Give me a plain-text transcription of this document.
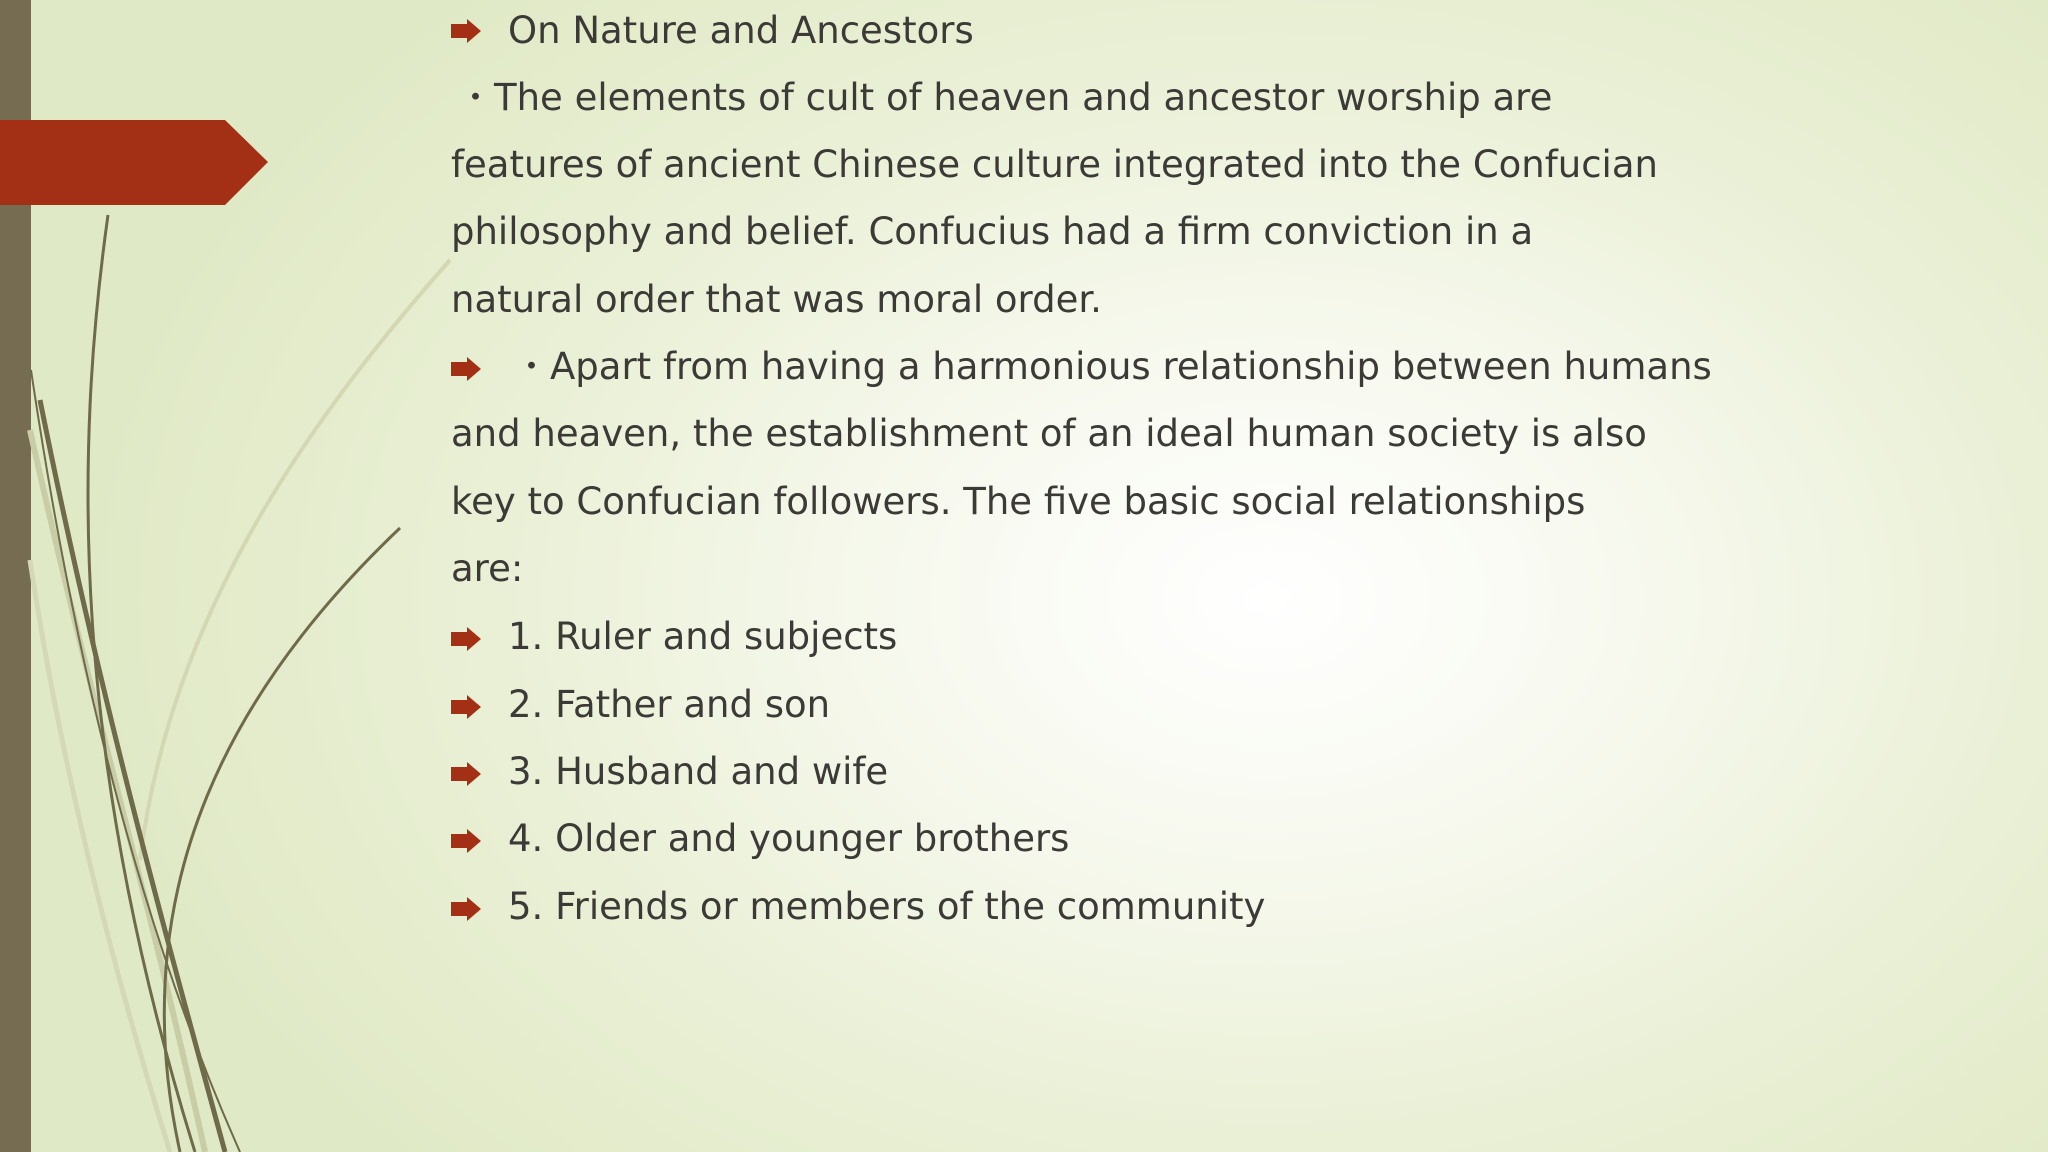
On Nature and Ancestors
・The elements of cult of heaven and ancestor worship are
features of ancient Chinese culture integrated into the Confucian
philosophy and belief. Confucius had a firm conviction in a
natural order that was moral order.
・Apart from having a harmonious relationship between humans
and heaven, the establishment of an ideal human society is also
key to Confucian followers. The five basic social relationships
are:
1. Ruler and subjects
2. Father and son
3. Husband and wife
4. Older and younger brothers
5. Friends or members of the community
